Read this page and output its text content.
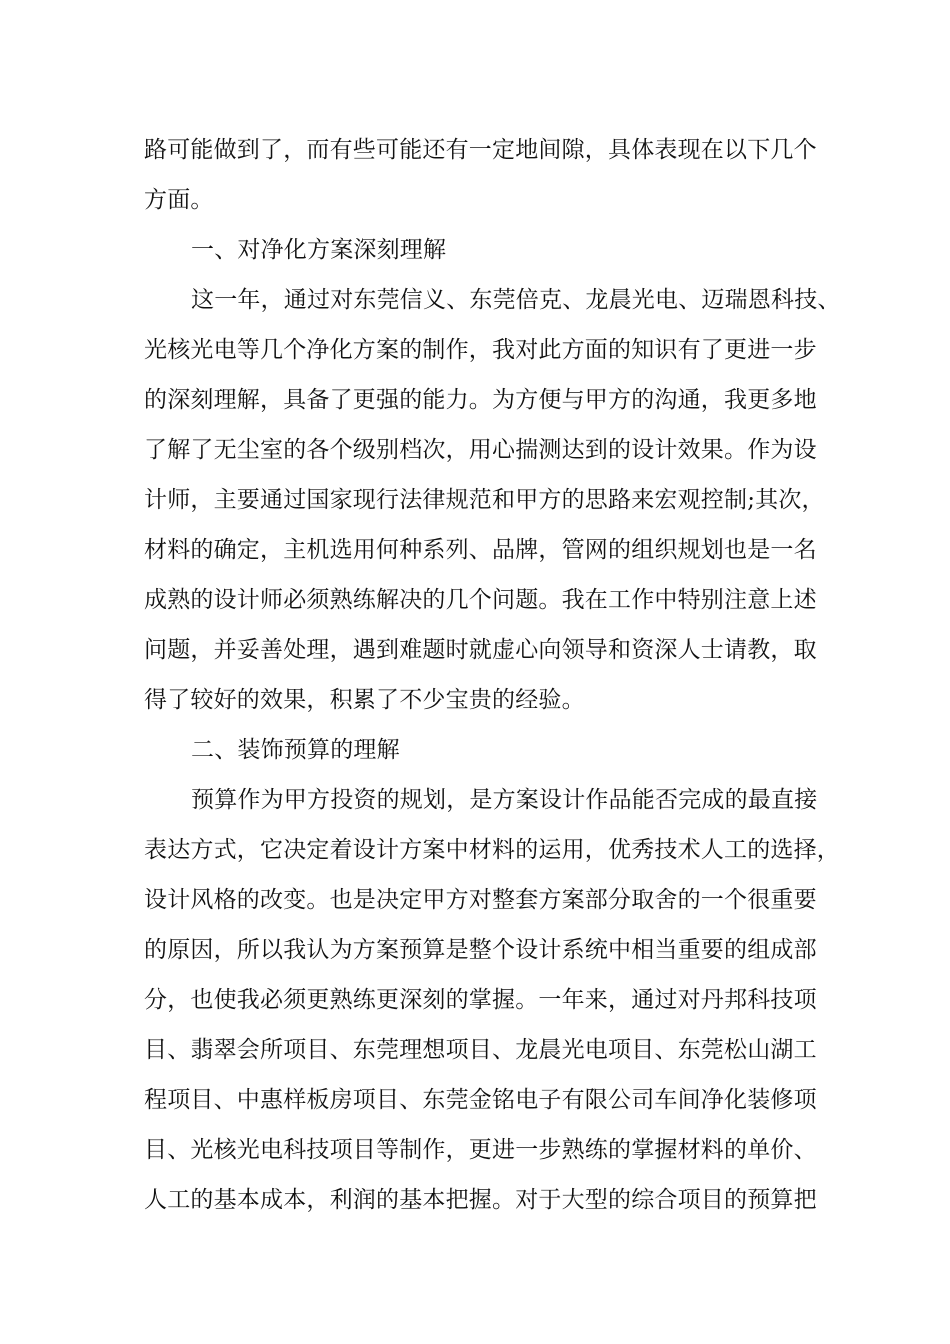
路可能做到了，而有些可能还有一定地间隙，具体表现在以下几个
方面。
一、对净化方案深刻理解
这一年，通过对东莞信义、东莞倍克、龙晨光电、迈瑞恩科技、
光核光电等几个净化方案的制作，我对此方面的知识有了更进一步
的深刻理解，具备了更强的能力。为方便与甲方的沟通，我更多地
了解了无尘室的各个级别档次，用心揣测达到的设计效果。作为设
计师，主要通过国家现行法律规范和甲方的思路来宏观控制;其次，
材料的确定，主机选用何种系列、品牌，管网的组织规划也是一名
成熟的设计师必须熟练解决的几个问题。我在工作中特别注意上述
问题，并妥善处理，遇到难题时就虚心向领导和资深人士请教，取
得了较好的效果，积累了不少宝贵的经验。
二、装饰预算的理解
预算作为甲方投资的规划，是方案设计作品能否完成的最直接
表达方式，它决定着设计方案中材料的运用，优秀技术人工的选择，
设计风格的改变。也是决定甲方对整套方案部分取舍的一个很重要
的原因，所以我认为方案预算是整个设计系统中相当重要的组成部
分，也使我必须更熟练更深刻的掌握。一年来，通过对丹邦科技项
目、翡翠会所项目、东莞理想项目、龙晨光电项目、东莞松山湖工
程项目、中惠样板房项目、东莞金铭电子有限公司车间净化装修项
目、光核光电科技项目等制作，更进一步熟练的掌握材料的单价、
人工的基本成本，利润的基本把握。对于大型的综合项目的预算把
